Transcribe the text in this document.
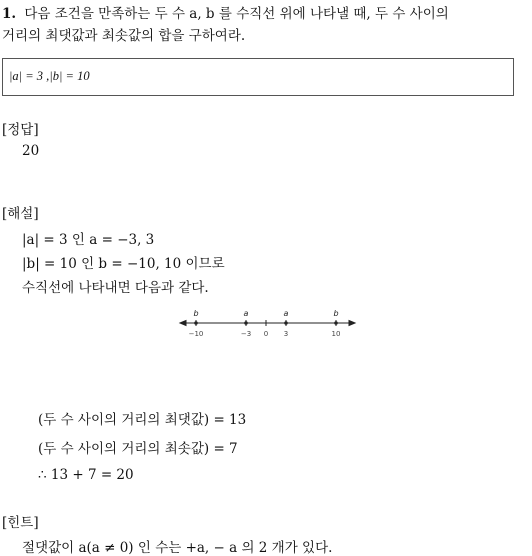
1. 다음 조건을 만족하는 두 수 a, b 를 수직선 위에 나타낼 때, 두 수 사이의
거리의 최댓값과 최솟값의 합을 구하여라.
|a| = 3 ,|b| = 10
[정답]
20
[해설]
|a| = 3 인 a = −3, 3
|b| = 10 인 b = −10, 10 이므로
수직선에 나타내면 다음과 같다.
b	a	a	b
−10	−3 0 3	10
(두 수 사이의 거리의 최댓값) = 13
(두 수 사이의 거리의 최솟값) = 7
∴ 13 + 7 = 20
[힌트]
절댓값이 a(a ≠ 0) 인 수는 +a, − a 의 2 개가 있다.
